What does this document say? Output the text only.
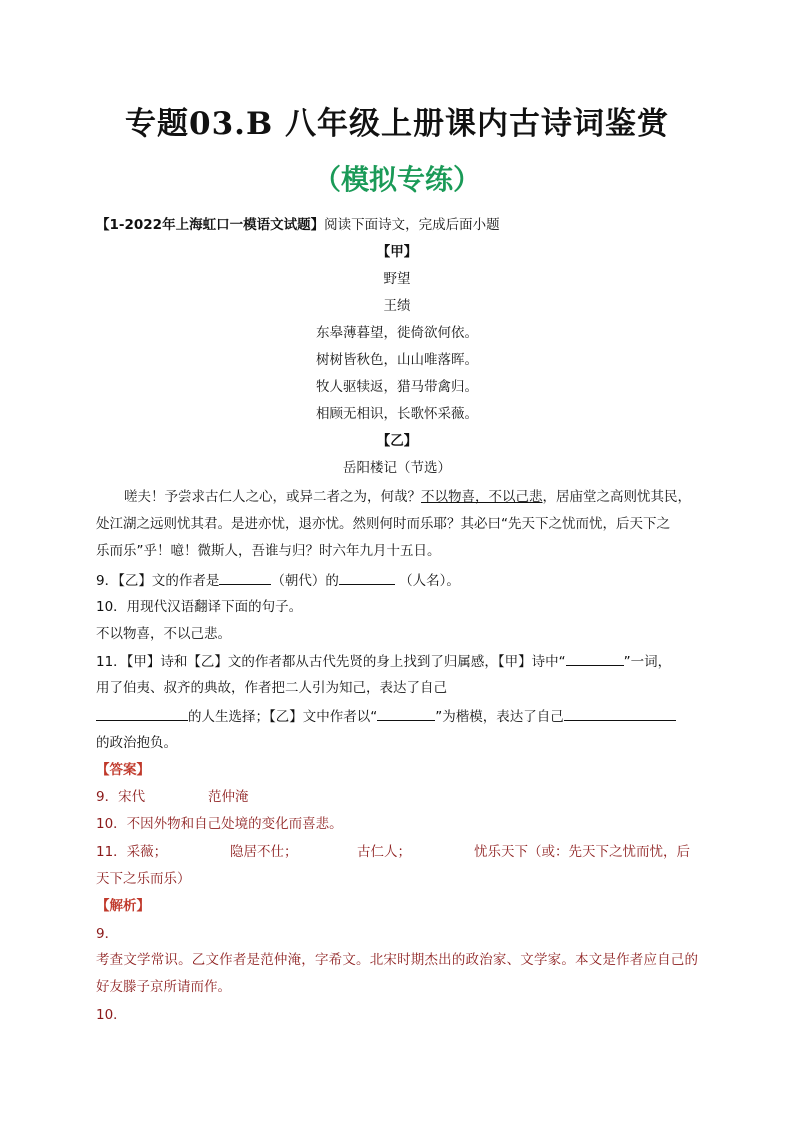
专题03.B 八年级上册课内古诗词鉴赏
（模拟专练）
【1-2022年上海虹口一模语文试题】阅读下面诗文，完成后面小题
【甲】
野望
王绩
东皋薄暮望，徙倚欲何依。
树树皆秋色，山山唯落晖。
牧人驱犊返，猎马带禽归。
相顾无相识，长歌怀采薇。
【乙】
岳阳楼记（节选）
嗟夫！予尝求古仁人之心，或异二者之为，何哉？不以物喜，不以己悲，居庙堂之高则忧其民，
处江湖之远则忧其君。是进亦忧，退亦忧。然则何时而乐耶？其必曰“先天下之忧而忧，后天下之
乐而乐”乎！噫！微斯人，吾谁与归？时六年九月十五日。
9．【乙】文的作者是	（朝代）的	（人名）。
10．用现代汉语翻译下面的句子。
不以物喜，不以己悲。
11．【甲】诗和【乙】文的作者都从古代先贤的身上找到了归属感，【甲】诗中“	”一词，
用了伯夷、叔齐的典故，作者把二人引为知己，表达了自己
的人生选择；【乙】文中作者以“	”为楷模，表达了自己
的政治抱负。
【答案】
9．宋代	范仲淹
10．不因外物和自己处境的变化而喜悲。
11．采薇；	隐居不仕；	古仁人；	忧乐天下（或：先天下之忧而忧，后
天下之乐而乐）
【解析】
9．
考查文学常识。乙文作者是范仲淹，字希文。北宋时期杰出的政治家、文学家。本文是作者应自己的好友滕子京所请而作。
10．
